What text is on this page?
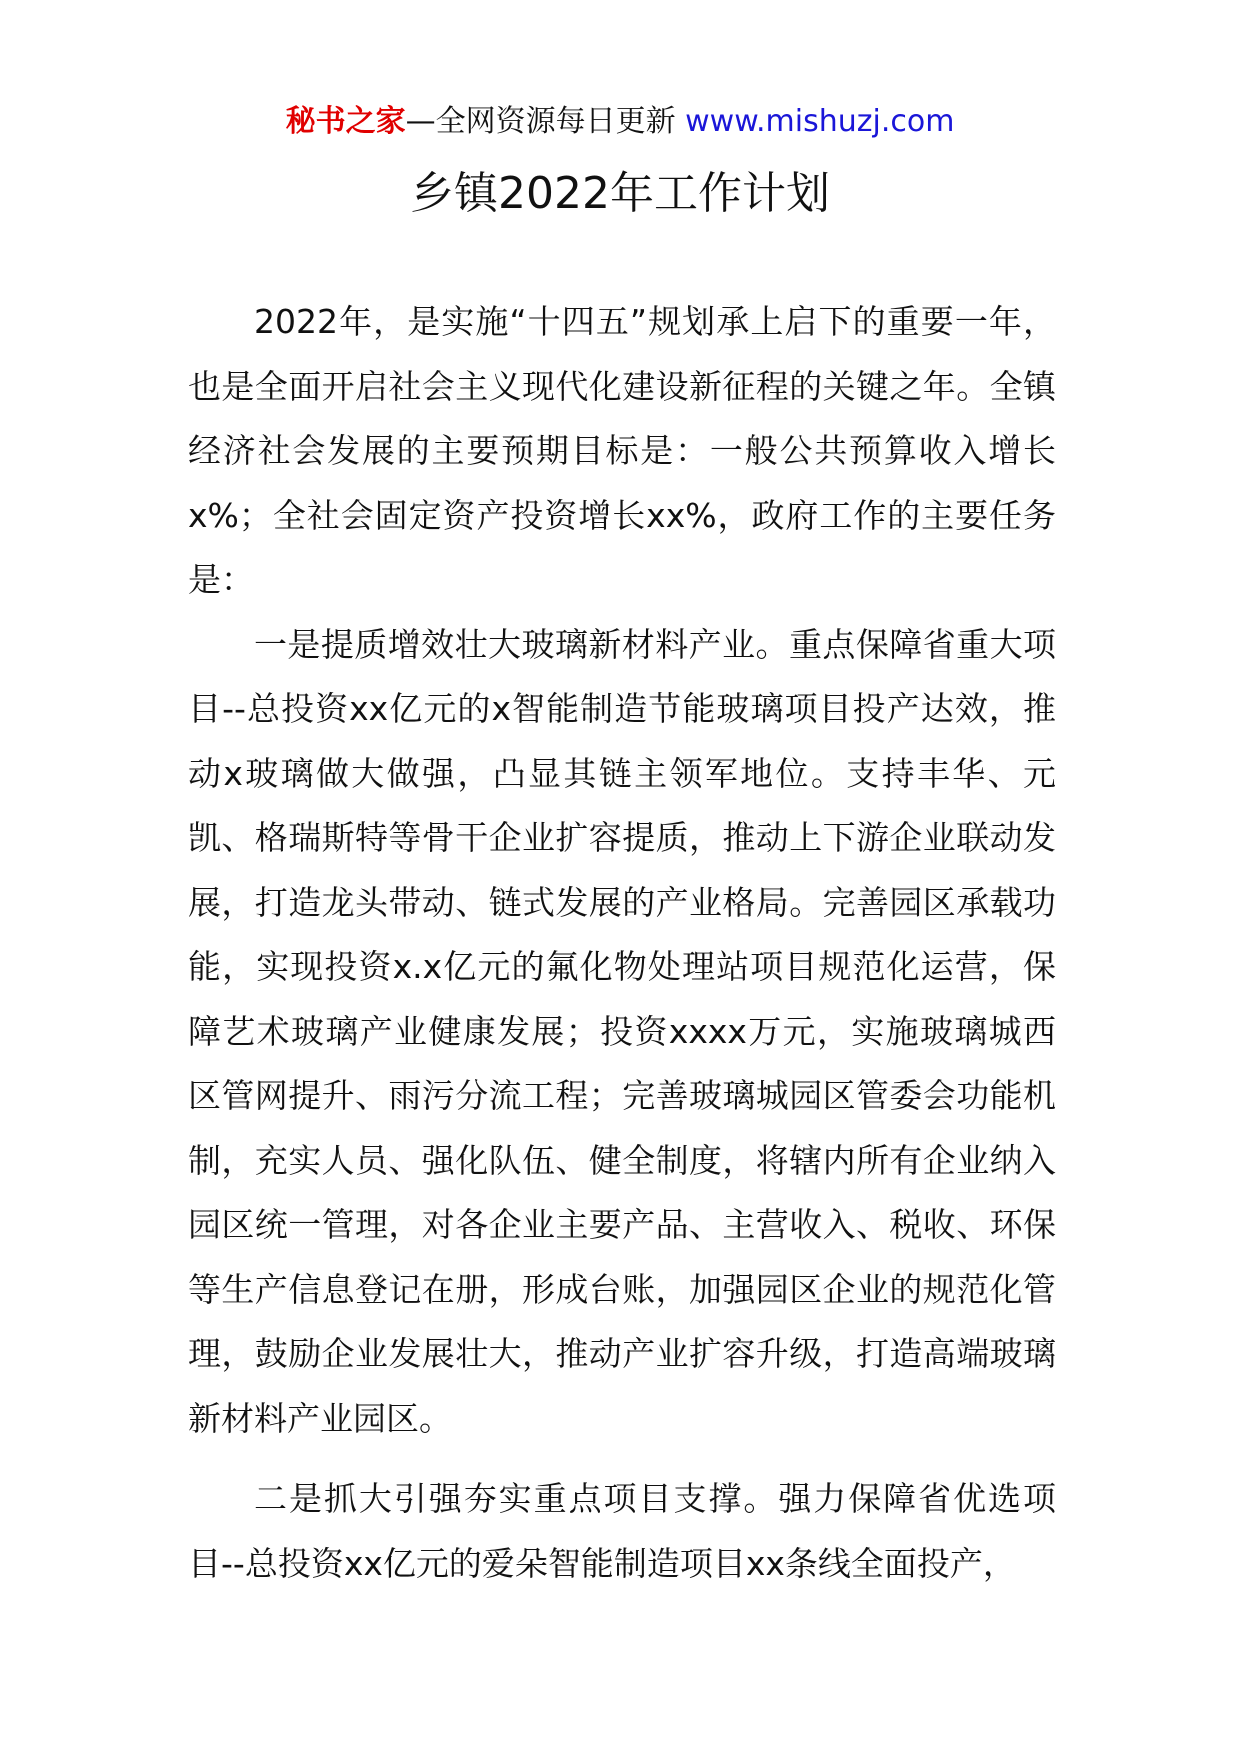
秘书之家—全网资源每日更新 www.mishuzj.com
乡镇2022年工作计划

2022年，是实施“十四五”规划承上启下的重要一年，也是全面开启社会主义现代化建设新征程的关键之年。全镇经济社会发展的主要预期目标是：一般公共预算收入增长x%；全社会固定资产投资增长xx%，政府工作的主要任务是：

一是提质增效壮大玻璃新材料产业。重点保障省重大项目--总投资xx亿元的x智能制造节能玻璃项目投产达效，推动x玻璃做大做强，凸显其链主领军地位。支持丰华、元凯、格瑞斯特等骨干企业扩容提质，推动上下游企业联动发展，打造龙头带动、链式发展的产业格局。完善园区承载功能，实现投资x.x亿元的氟化物处理站项目规范化运营，保障艺术玻璃产业健康发展；投资xxxx万元，实施玻璃城西区管网提升、雨污分流工程；完善玻璃城园区管委会功能机制，充实人员、强化队伍、健全制度，将辖内所有企业纳入园区统一管理，对各企业主要产品、主营收入、税收、环保等生产信息登记在册，形成台账，加强园区企业的规范化管理，鼓励企业发展壮大，推动产业扩容升级，打造高端玻璃新材料产业园区。

二是抓大引强夯实重点项目支撑。强力保障省优选项目--总投资xx亿元的爱朵智能制造项目xx条线全面投产，
